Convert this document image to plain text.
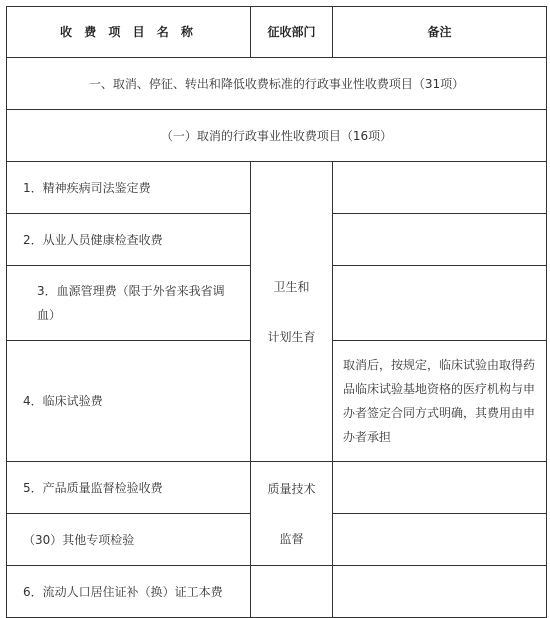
收 费 项 目 名 称	征收部门	备注
一、取消、停征、转出和降低收费标准的行政事业性收费项目（31项）
（一）取消的行政事业性收费项目（16项）
1．精神疾病司法鉴定费
2．从业人员健康检查收费
3．血源管理费（限于外省来我省调血）
4．临床试验费
5．产品质量监督检验收费
（30）其他专项检验
6．流动人口居住证补（换）证工本费
卫生和
计划生育
质量技术
监督
取消后，按规定，临床试验由取得药品临床试验基地资格的医疗机构与申办者签定合同方式明确，其费用由申办者承担
